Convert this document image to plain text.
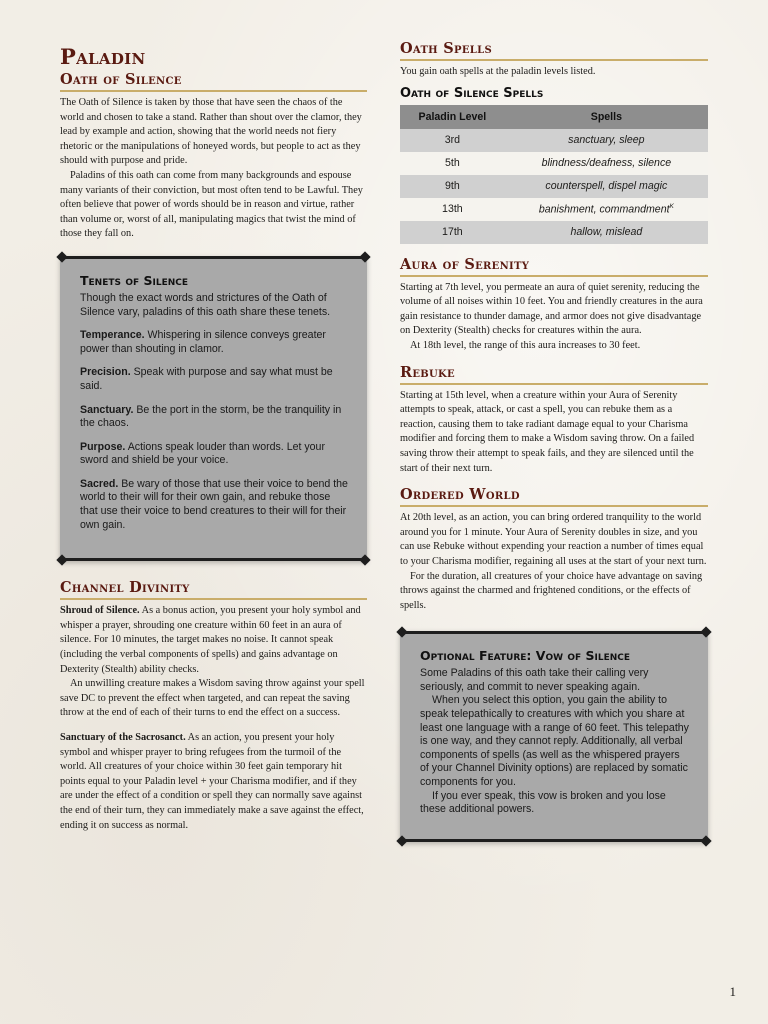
Paladin
Oath of Silence

The Oath of Silence is taken by those that have seen the chaos of the world and chosen to take a stand. Rather than shout over the clamor, they lead by example and action, showing that the world needs not fiery rhetoric or the manipulations of honeyed words, but people to act as they should with purpose and pride.

Paladins of this oath can come from many backgrounds and espouse many variants of their conviction, but most often tend to be Lawful. They often believe that power of words should be in reason and virtue, rather than volume or, worst of all, manipulating magics that twist the mind of those they fall on.

Tenets of Silence

Though the exact words and strictures of the Oath of Silence vary, paladins of this oath share these tenets.

Temperance. Whispering in silence conveys greater power than shouting in clamor.

Precision. Speak with purpose and say what must be said.

Sanctuary. Be the port in the storm, be the tranquility in the chaos.

Purpose. Actions speak louder than words. Let your sword and shield be your voice.

Sacred. Be wary of those that use their voice to bend the world to their will for their own gain, and rebuke those that use their voice to bend creatures to their will for their own gain.

Channel Divinity

Shroud of Silence. As a bonus action, you present your holy symbol and whisper a prayer, shrouding one creature within 60 feet in an aura of silence. For 10 minutes, the target makes no noise. It cannot speak (including the verbal components of spells) and gains advantage on Dexterity (Stealth) ability checks.

An unwilling creature makes a Wisdom saving throw against your spell save DC to prevent the effect when targeted, and can repeat the saving throw at the end of each of their turns to end the effect on a success.

Sanctuary of the Sacrosanct. As an action, you present your holy symbol and whisper prayer to bring refugees from the turmoil of the world. All creatures of your choice within 30 feet gain temporary hit points equal to your Paladin level + your Charisma modifier, and if they are under the effect of a condition or spell they can normally save against the end of their turn, they can immediately make a save against the effect, ending it on success as normal.

Oath Spells

You gain oath spells at the paladin levels listed.

Oath of Silence Spells
Paladin Level	Spells
3rd	sanctuary, sleep
5th	blindness/deafness, silence
9th	counterspell, dispel magic
13th	banishment, commandment$^K$
17th	hallow, mislead
Aura of Serenity

Starting at 7th level, you permeate an aura of quiet serenity, reducing the volume of all noises within 10 feet. You and friendly creatures in the aura gain resistance to thunder damage, and armor does not give disadvantage on Dexterity (Stealth) checks for creatures within the aura.

At 18th level, the range of this aura increases to 30 feet.

Rebuke

Starting at 15th level, when a creature within your Aura of Serenity attempts to speak, attack, or cast a spell, you can rebuke them as a reaction, causing them to take radiant damage equal to your Charisma modifier and forcing them to make a Wisdom saving throw. On a failed saving throw their attempt to speak fails, and they are silenced until the start of their next turn.

Ordered World

At 20th level, as an action, you can bring ordered tranquility to the world around you for 1 minute. Your Aura of Serenity doubles in size, and you can use Rebuke without expending your reaction a number of times equal to your Charisma modifier, regaining all uses at the start of your next turn.

For the duration, all creatures of your choice have advantage on saving throws against the charmed and frightened conditions, or the effects of spells.

Optional Feature: Vow of Silence

Some Paladins of this oath take their calling very seriously, and commit to never speaking again.

When you select this option, you gain the ability to speak telepathically to creatures with which you share at least one language with a range of 60 feet. This telepathy is one way, and they cannot reply. Additionally, all verbal components of spells (as well as the whispered prayers of your Channel Divinity options) are replaced by somatic components for you.

If you ever speak, this vow is broken and you lose these additional powers.

1
